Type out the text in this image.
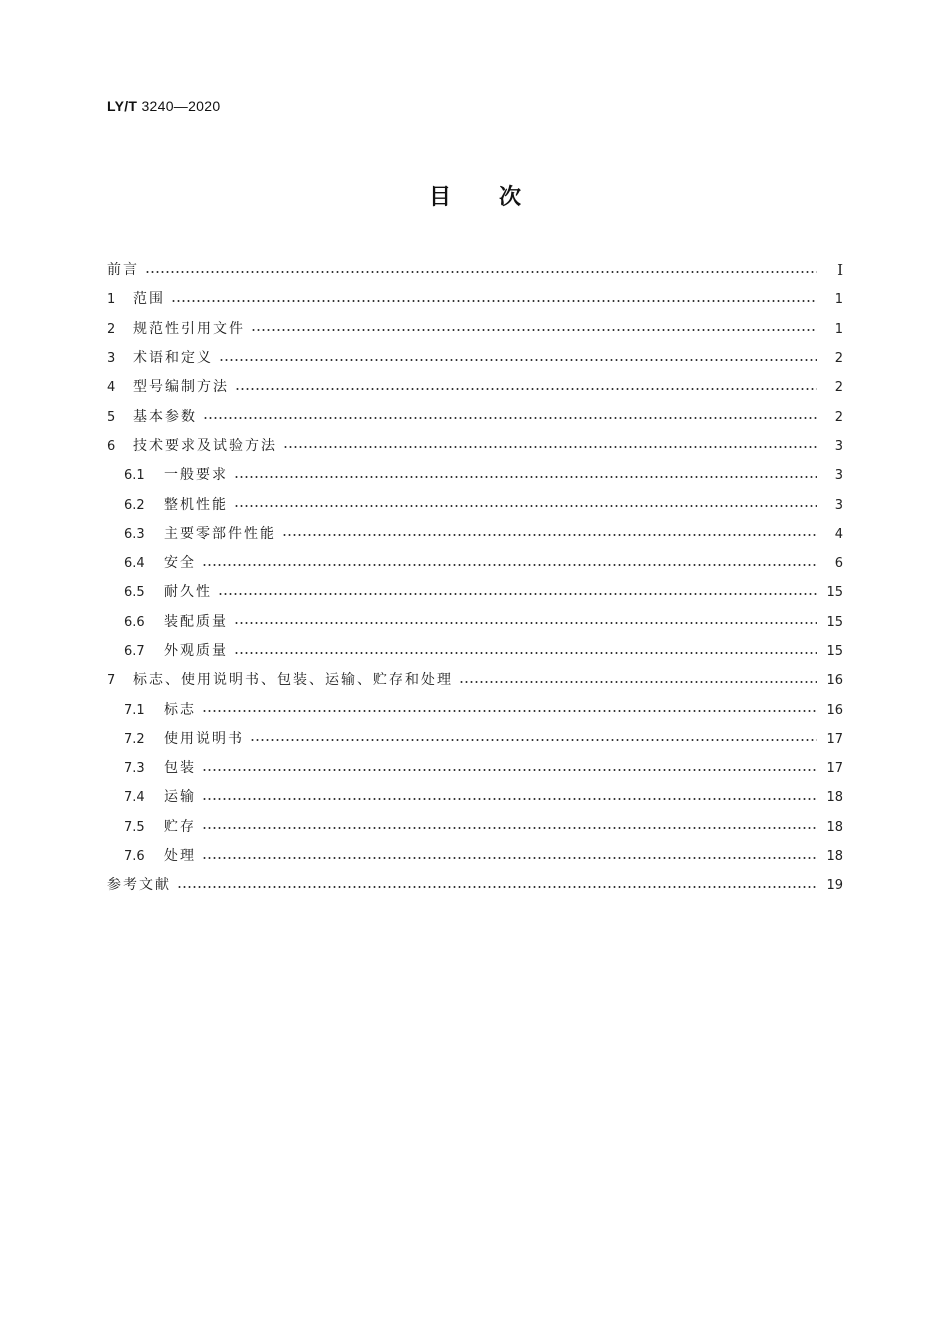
LY/T 3240—2020
目次
前言	Ⅰ
1	范围	1
2	规范性引用文件	1
3	术语和定义	2
4	型号编制方法	2
5	基本参数	2
6	技术要求及试验方法	3
6.1	一般要求	3
6.2	整机性能	3
6.3	主要零部件性能	4
6.4	安全	6
6.5	耐久性	15
6.6	装配质量	15
6.7	外观质量	15
7	标志、使用说明书、包装、运输、贮存和处理	16
7.1	标志	16
7.2	使用说明书	17
7.3	包装	17
7.4	运输	18
7.5	贮存	18
7.6	处理	18
参考文献	19
